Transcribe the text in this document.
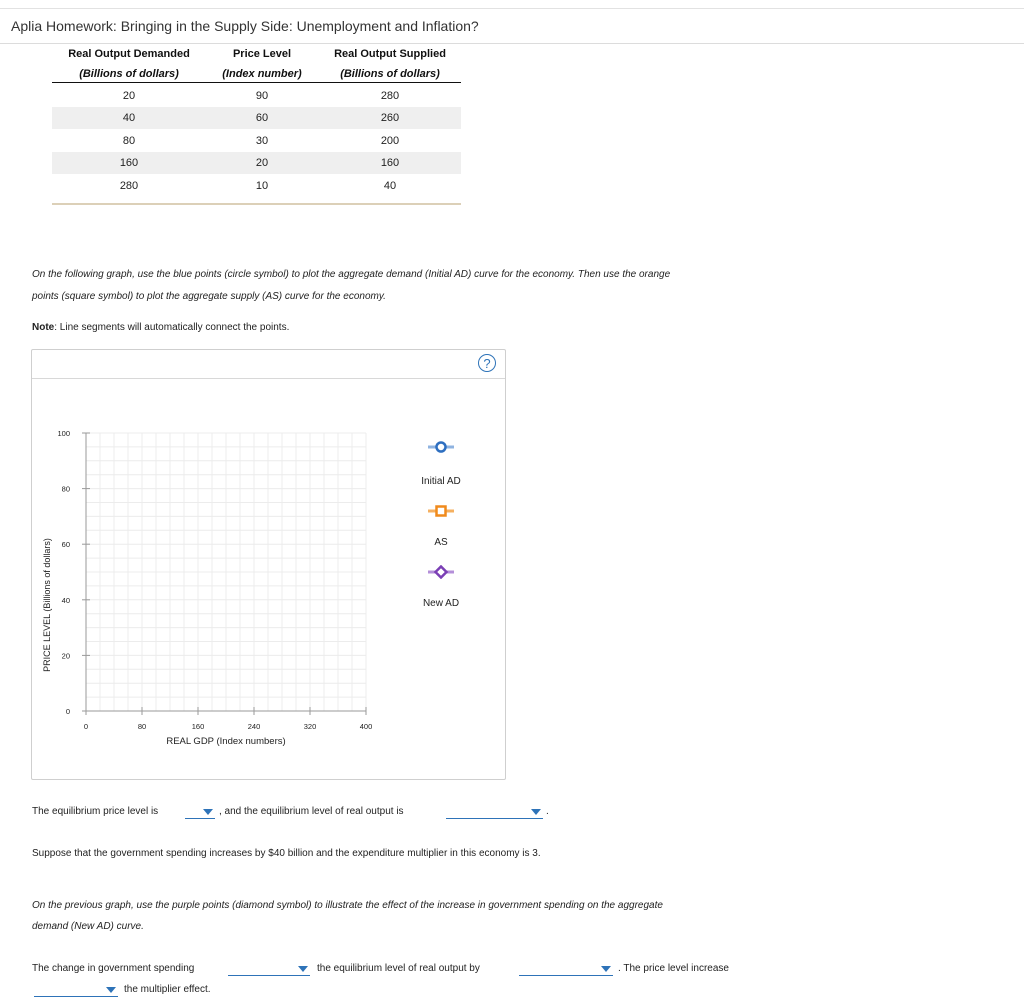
Aplia Homework: Bringing in the Supply Side: Unemployment and Inflation?
Real Output Demanded
(Billions of dollars)
Price Level
(Index number)
Real Output Supplied
(Billions of dollars)
20	90	280
40	60	260
80	30	200
160	20	160
280	10	40
On the following graph, use the blue points (circle symbol) to plot the aggregate demand (Initial AD) curve for the economy. Then use the orange
points (square symbol) to plot the aggregate supply (AS) curve for the economy.
Note: Line segments will automatically connect the points.
?
0	80	160	240	320	400
0
20
40
60
80
100
PRICE LEVEL (Billions of dollars)
REAL GDP (Index numbers)
Initial AD
AS
New AD
The equilibrium price level is	, and the equilibrium level of real output is	.
Suppose that the government spending increases by $40 billion and the expenditure multiplier in this economy is 3.
On the previous graph, use the purple points (diamond symbol) to illustrate the effect of the increase in government spending on the aggregate
demand (New AD) curve.
The change in government spending	the equilibrium level of real output by	. The price level increase
the multiplier effect.
